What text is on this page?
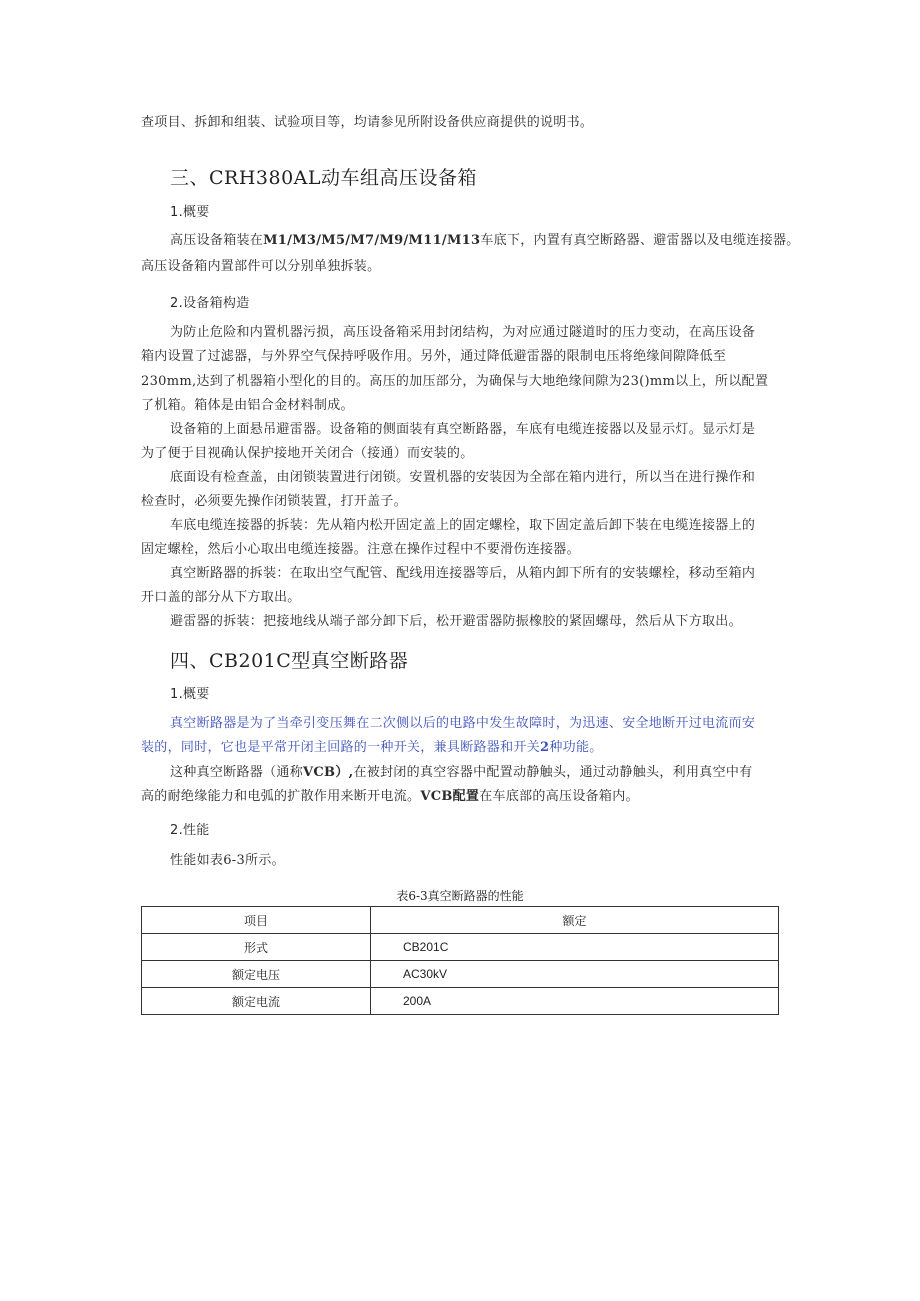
查项目、拆卸和组装、试验项目等，均请参见所附设备供应商提供的说明书。
三、CRH380AL动车组高压设备箱
1.概要
高压设备箱装在M1/M3/M5/M7/M9/M11/M13车底下，内置有真空断路器、避雷器以及电缆连接器。
高压设备箱内置部件可以分别单独拆装。
2.设备箱构造
为防止危险和内置机器污损，高压设备箱采用封闭结构，为对应通过隧道时的压力变动，在高压设备
箱内设置了过滤器，与外界空气保持呼吸作用。另外，通过降低避雷器的限制电压将绝缘间隙降低至
230mm,达到了机器箱小型化的目的。高压的加压部分，为确保与大地绝缘间隙为23()mm以上，所以配置
了机箱。箱体是由铝合金材料制成。
设备箱的上面悬吊避雷器。设备箱的侧面装有真空断路器，车底有电缆连接器以及显示灯。显示灯是
为了便于目视确认保护接地开关闭合（接通）而安装的。
底面设有检查盖，由闭锁装置进行闭锁。安置机器的安装因为全部在箱内进行，所以当在进行操作和
检查时，必须要先操作闭锁装置，打开盖子。
车底电缆连接器的拆装：先从箱内松开固定盖上的固定螺栓，取下固定盖后卸下装在电缆连接器上的
固定螺栓，然后小心取出电缆连接器。注意在操作过程中不要滑伤连接器。
真空断路器的拆装：在取出空气配管、配线用连接器等后，从箱内卸下所有的安装螺栓，移动至箱内
开口盖的部分从下方取出。
避雷器的拆装：把接地线从端子部分卸下后，松开避雷器防振橡胶的紧固螺母，然后从下方取出。
四、CB201C型真空断路器
1.概要
真空断路器是为了当牵引变压舞在二次侧以后的电路中发生故障时，为迅速、安全地断开过电流而安
装的，同时，它也是平常开闭主回路的一种开关，兼具断路器和开关2种功能。
这种真空断路器（通称VCB）,在被封闭的真空容器中配置动静触头，通过动静触头，利用真空中有
高的耐绝缘能力和电弧的扩散作用来断开电流。VCB配置在车底部的高压设备箱内。
2.性能
性能如表6-3所示。
表6-3真空断路器的性能
项目	额定
形式	CB201C
额定电压	AC30kV
额定电流	200A
